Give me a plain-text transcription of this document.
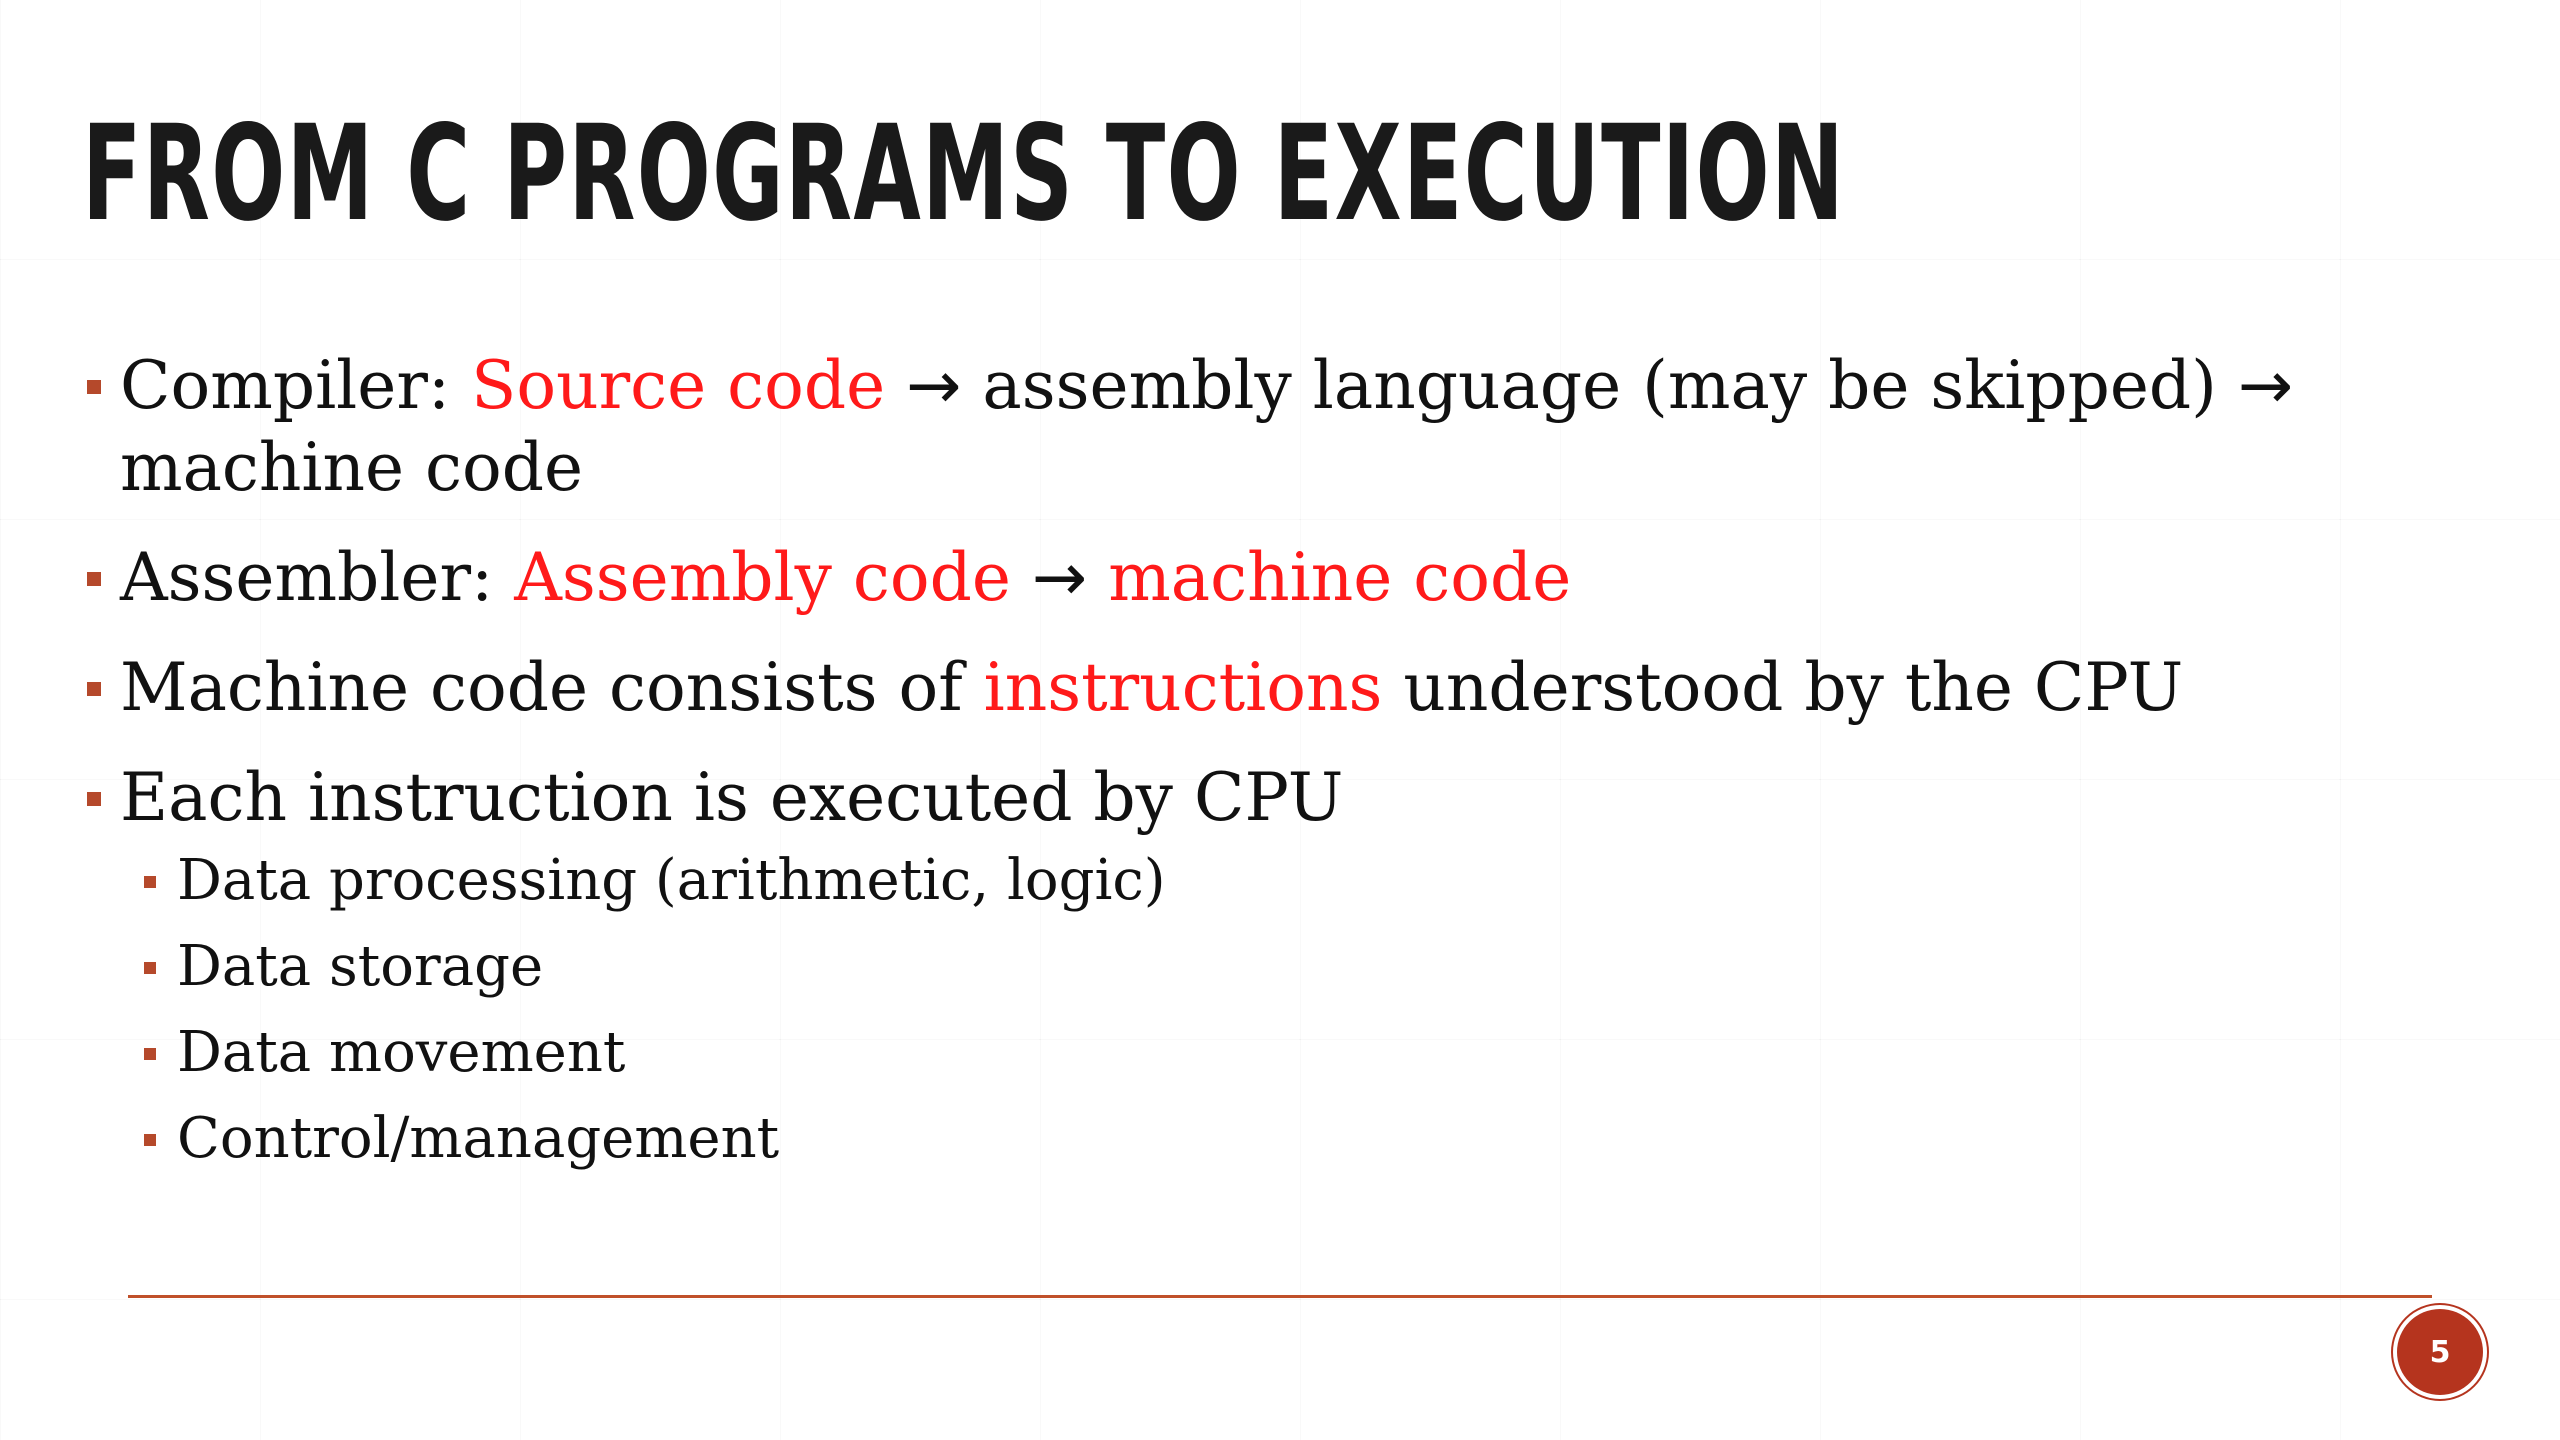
FROM C PROGRAMS TO EXECUTION
Compiler: Source code → assembly language (may be skipped) → machine code
Assembler: Assembly code → machine code
Machine code consists of instructions understood by the CPU
Each instruction is executed by CPU
Data processing (arithmetic, logic)
Data storage
Data movement
Control/management
5
